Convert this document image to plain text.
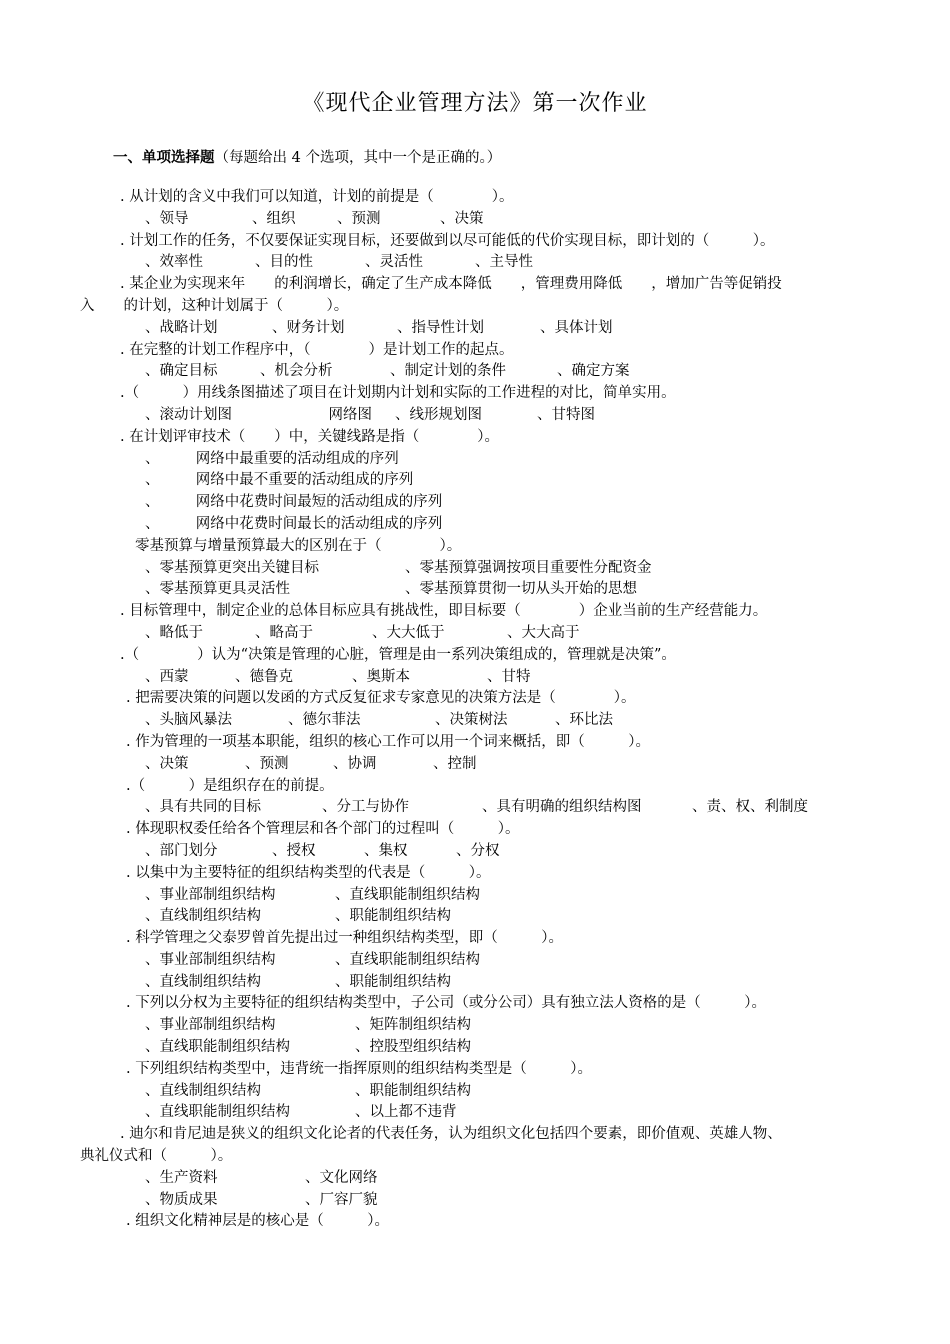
《现代企业管理方法》第一次作业
一、单项选择题（每题给出 4 个选项，其中一个是正确的。）
. 从计划的含义中我们可以知道，计划的前提是（　　　　）。
、领导	、组织	、预测	、决策
. 计划工作的任务，不仅要保证实现目标，还要做到以尽可能低的代价实现目标，即计划的（　　　）。
、效率性	、目的性	、灵活性	、主导性
. 某企业为实现来年　　的利润增长，确定了生产成本降低　　，管理费用降低　　，增加广告等促销投
入　　的计划，这种计划属于（　　　）。
、战略计划	、财务计划	、指导性计划	、具体计划
. 在完整的计划工作程序中，（　　　　）是计划工作的起点。
、确定目标	、机会分析	、制定计划的条件	、确定方案
.（　　　）用线条图描述了项目在计划期内计划和实际的工作进程的对比，简单实用。
、滚动计划图	　　　网络图 、线形规划图	、甘特图
. 在计划评审技术（　　）中，关键线路是指（　　　　）。
、　　　网络中最重要的活动组成的序列
、　　　网络中最不重要的活动组成的序列
、　　　网络中花费时间最短的活动组成的序列
、　　　网络中花费时间最长的活动组成的序列
零基预算与增量预算最大的区别在于（　　　　）。
、零基预算更突出关键目标	、零基预算强调按项目重要性分配资金
、零基预算更具灵活性	、零基预算贯彻一切从头开始的思想
. 目标管理中，制定企业的总体目标应具有挑战性，即目标要（　　　　）企业当前的生产经营能力。
、略低于	、略高于	、大大低于	、大大高于
.（　　　　）认为“决策是管理的心脏，管理是由一系列决策组成的，管理就是决策”。
、西蒙	、德鲁克	、奥斯本	、甘特
. 把需要决策的问题以发函的方式反复征求专家意见的决策方法是（　　　　）。
、头脑风暴法	、德尔菲法	、决策树法	、环比法
. 作为管理的一项基本职能，组织的核心工作可以用一个词来概括，即（　　　）。
、决策	、预测	、协调	、控制
.（　　　）是组织存在的前提。
、具有共同的目标	、分工与协作	、具有明确的组织结构图	、责、权、利制度
. 体现职权委任给各个管理层和各个部门的过程叫（　　　）。
、部门划分	、授权	、集权	、分权
. 以集中为主要特征的组织结构类型的代表是（　　　）。
、事业部制组织结构	、直线职能制组织结构
、直线制组织结构	、职能制组织结构
. 科学管理之父泰罗曾首先提出过一种组织结构类型，即（　　　）。
、事业部制组织结构	、直线职能制组织结构
、直线制组织结构	、职能制组织结构
. 下列以分权为主要特征的组织结构类型中，子公司（或分公司）具有独立法人资格的是（　　　）。
、事业部制组织结构	、矩阵制组织结构
、直线职能制组织结构	、控股型组织结构
. 下列组织结构类型中，违背统一指挥原则的组织结构类型是（　　　）。
、直线制组织结构	、职能制组织结构
、直线职能制组织结构	、以上都不违背
. 迪尔和肯尼迪是狭义的组织文化论者的代表任务，认为组织文化包括四个要素，即价值观、英雄人物、
典礼仪式和（　　　）。
、生产资料	、文化网络
、物质成果	、厂容厂貌
. 组织文化精神层是的核心是（　　　）。
